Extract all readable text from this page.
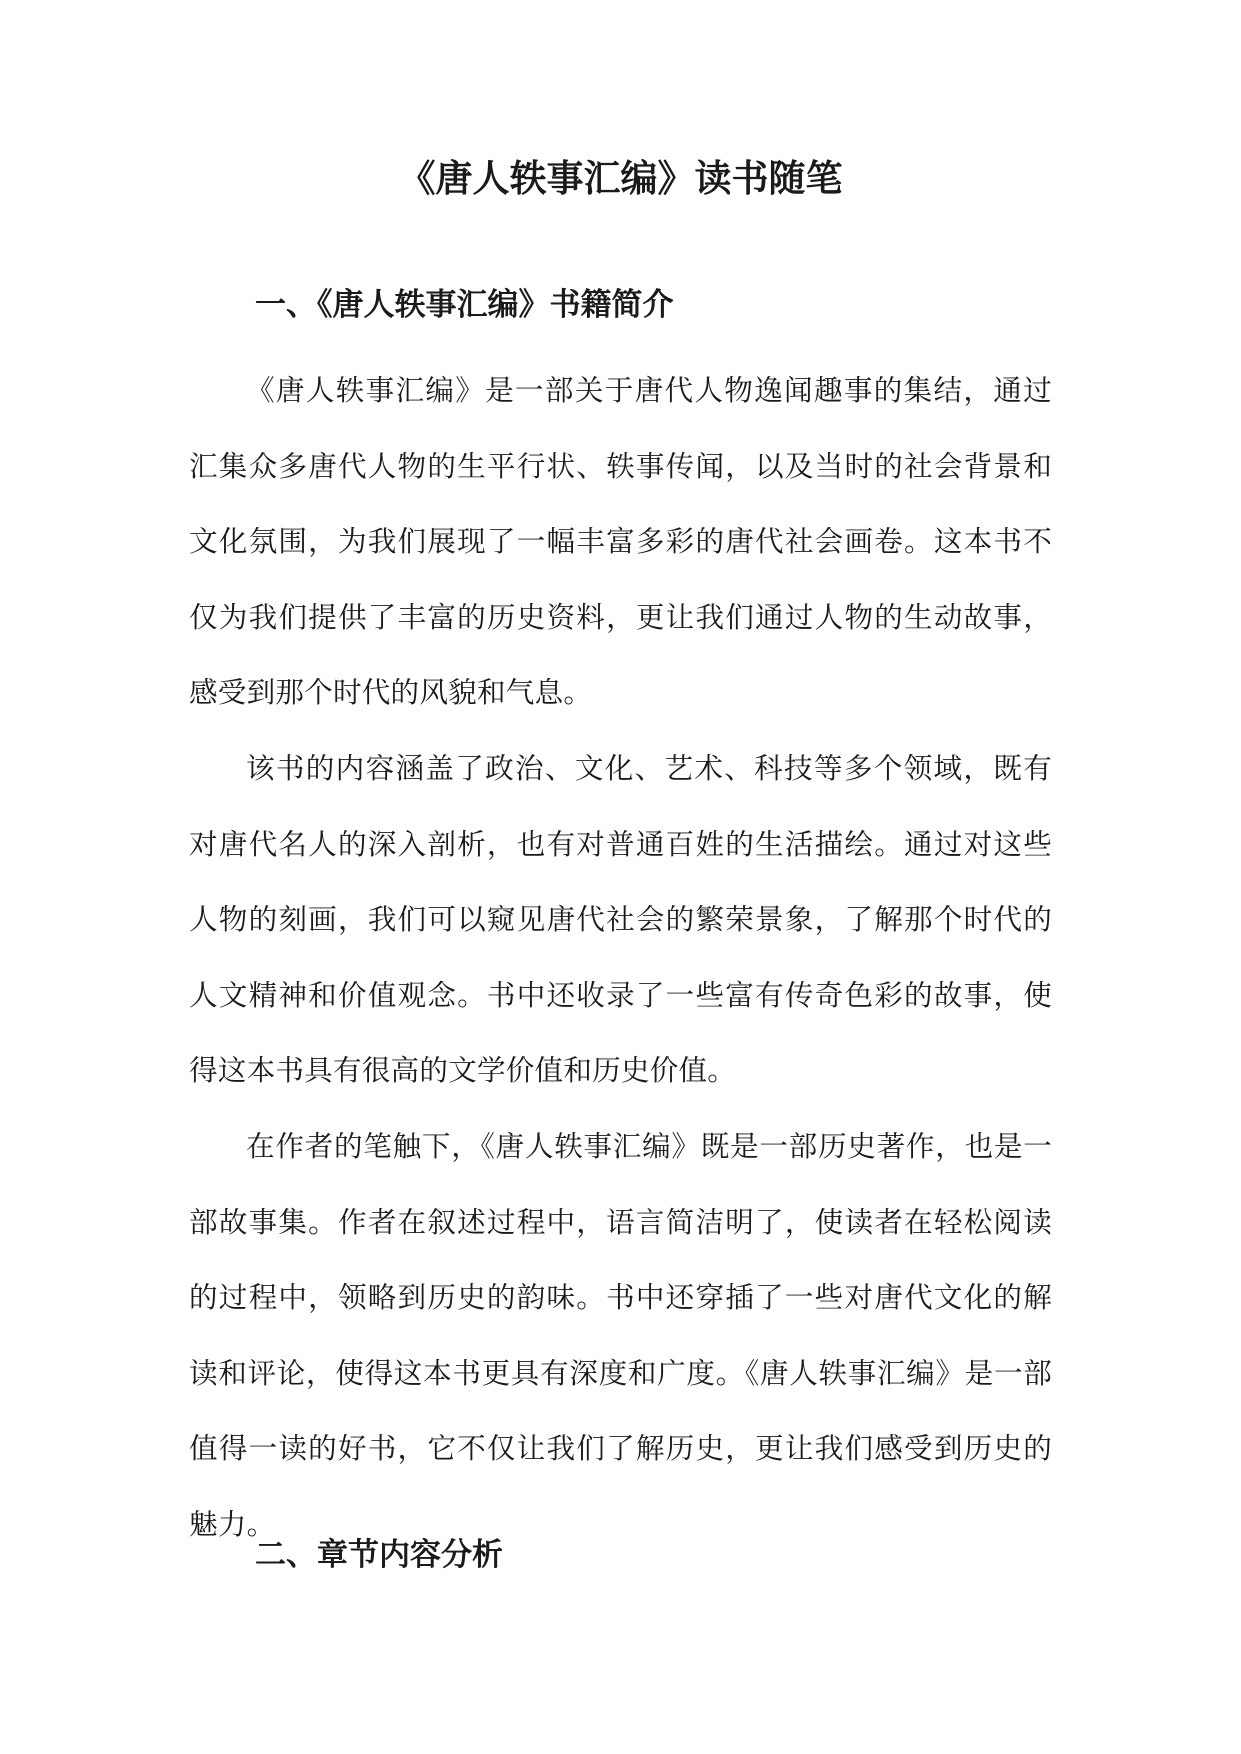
《唐人轶事汇编》读书随笔
一、《唐人轶事汇编》书籍简介

《唐人轶事汇编》是一部关于唐代人物逸闻趣事的集结，通过汇集众多唐代人物的生平行状、轶事传闻，以及当时的社会背景和文化氛围，为我们展现了一幅丰富多彩的唐代社会画卷。这本书不仅为我们提供了丰富的历史资料，更让我们通过人物的生动故事，感受到那个时代的风貌和气息。

该书的内容涵盖了政治、文化、艺术、科技等多个领域，既有对唐代名人的深入剖析，也有对普通百姓的生活描绘。通过对这些人物的刻画，我们可以窥见唐代社会的繁荣景象，了解那个时代的人文精神和价值观念。书中还收录了一些富有传奇色彩的故事，使得这本书具有很高的文学价值和历史价值。

在作者的笔触下，《唐人轶事汇编》既是一部历史著作，也是一部故事集。作者在叙述过程中，语言简洁明了，使读者在轻松阅读的过程中，领略到历史的韵味。书中还穿插了一些对唐代文化的解读和评论，使得这本书更具有深度和广度。《唐人轶事汇编》是一部值得一读的好书，它不仅让我们了解历史，更让我们感受到历史的魅力。

二、章节内容分析
